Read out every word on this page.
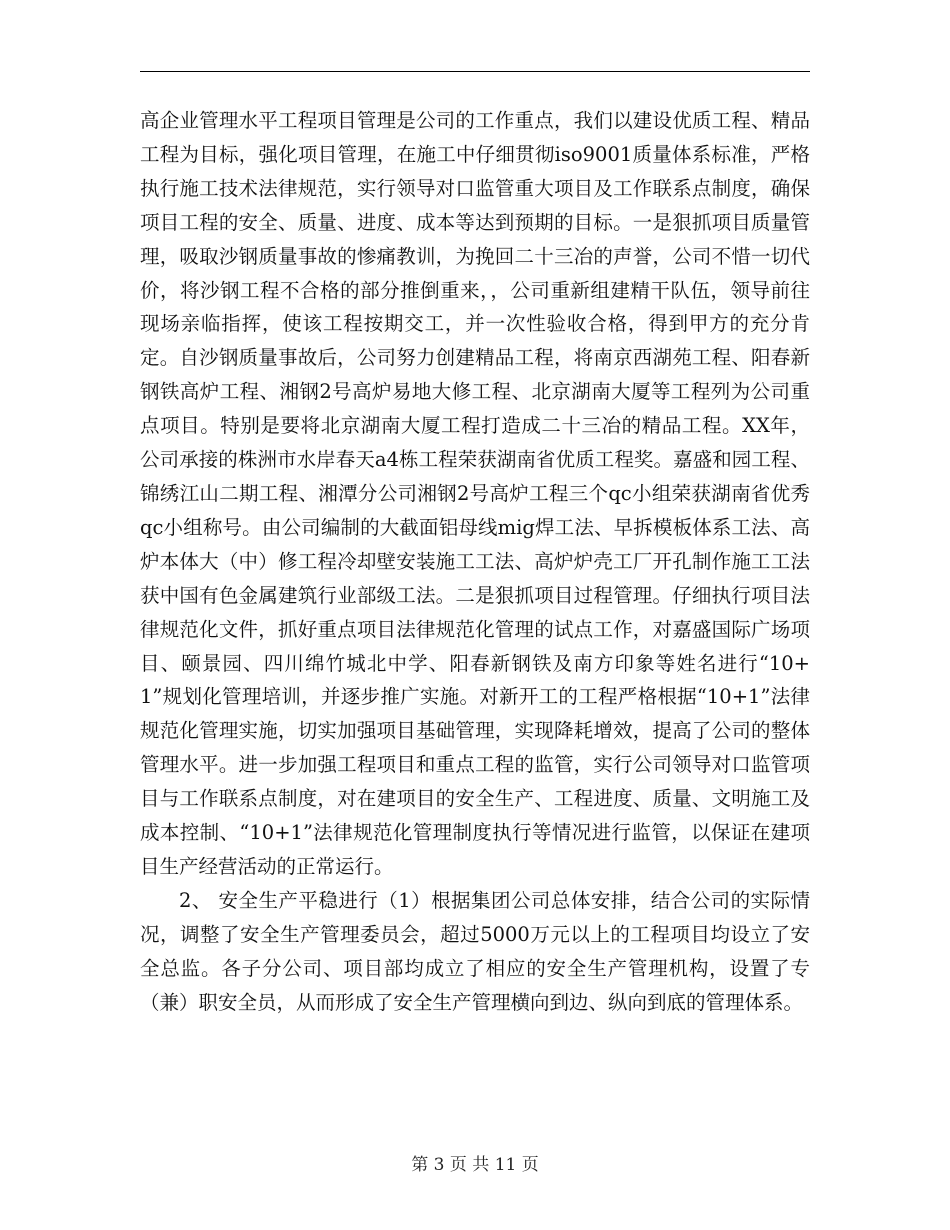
高企业管理水平工程项目管理是公司的工作重点，我们以建设优质工程、精品工程为目标，强化项目管理，在施工中仔细贯彻iso9001质量体系标准，严格执行施工技术法律规范，实行领导对口监管重大项目及工作联系点制度，确保项目工程的安全、质量、进度、成本等达到预期的目标。一是狠抓项目质量管理，吸取沙钢质量事故的惨痛教训，为挽回二十三冶的声誉，公司不惜一切代价，将沙钢工程不合格的部分推倒重来，，公司重新组建精干队伍，领导前往现场亲临指挥，使该工程按期交工，并一次性验收合格，得到甲方的充分肯定。自沙钢质量事故后，公司努力创建精品工程，将南京西湖苑工程、阳春新钢铁高炉工程、湘钢2号高炉易地大修工程、北京湖南大厦等工程列为公司重点项目。特别是要将北京湖南大厦工程打造成二十三冶的精品工程。XX年，公司承接的株洲市水岸春天a4栋工程荣获湖南省优质工程奖。嘉盛和园工程、锦绣江山二期工程、湘潭分公司湘钢2号高炉工程三个qc小组荣获湖南省优秀qc小组称号。由公司编制的大截面铝母线mig焊工法、早拆模板体系工法、高炉本体大（中）修工程冷却壁安装施工工法、高炉炉壳工厂开孔制作施工工法获中国有色金属建筑行业部级工法。二是狠抓项目过程管理。仔细执行项目法律规范化文件，抓好重点项目法律规范化管理的试点工作，对嘉盛国际广场项目、颐景园、四川绵竹城北中学、阳春新钢铁及南方印象等姓名进行“10+1”规划化管理培训，并逐步推广实施。对新开工的工程严格根据“10+1”法律规范化管理实施，切实加强项目基础管理，实现降耗增效，提高了公司的整体管理水平。进一步加强工程项目和重点工程的监管，实行公司领导对口监管项目与工作联系点制度，对在建项目的安全生产、工程进度、质量、文明施工及成本控制、“10+1”法律规范化管理制度执行等情况进行监管，以保证在建项目生产经营活动的正常运行。

2、 安全生产平稳进行（1）根据集团公司总体安排，结合公司的实际情况，调整了安全生产管理委员会，超过5000万元以上的工程项目均设立了安全总监。各子分公司、项目部均成立了相应的安全生产管理机构，设置了专（兼）职安全员，从而形成了安全生产管理横向到边、纵向到底的管理体系。

第 3 页 共 11 页
